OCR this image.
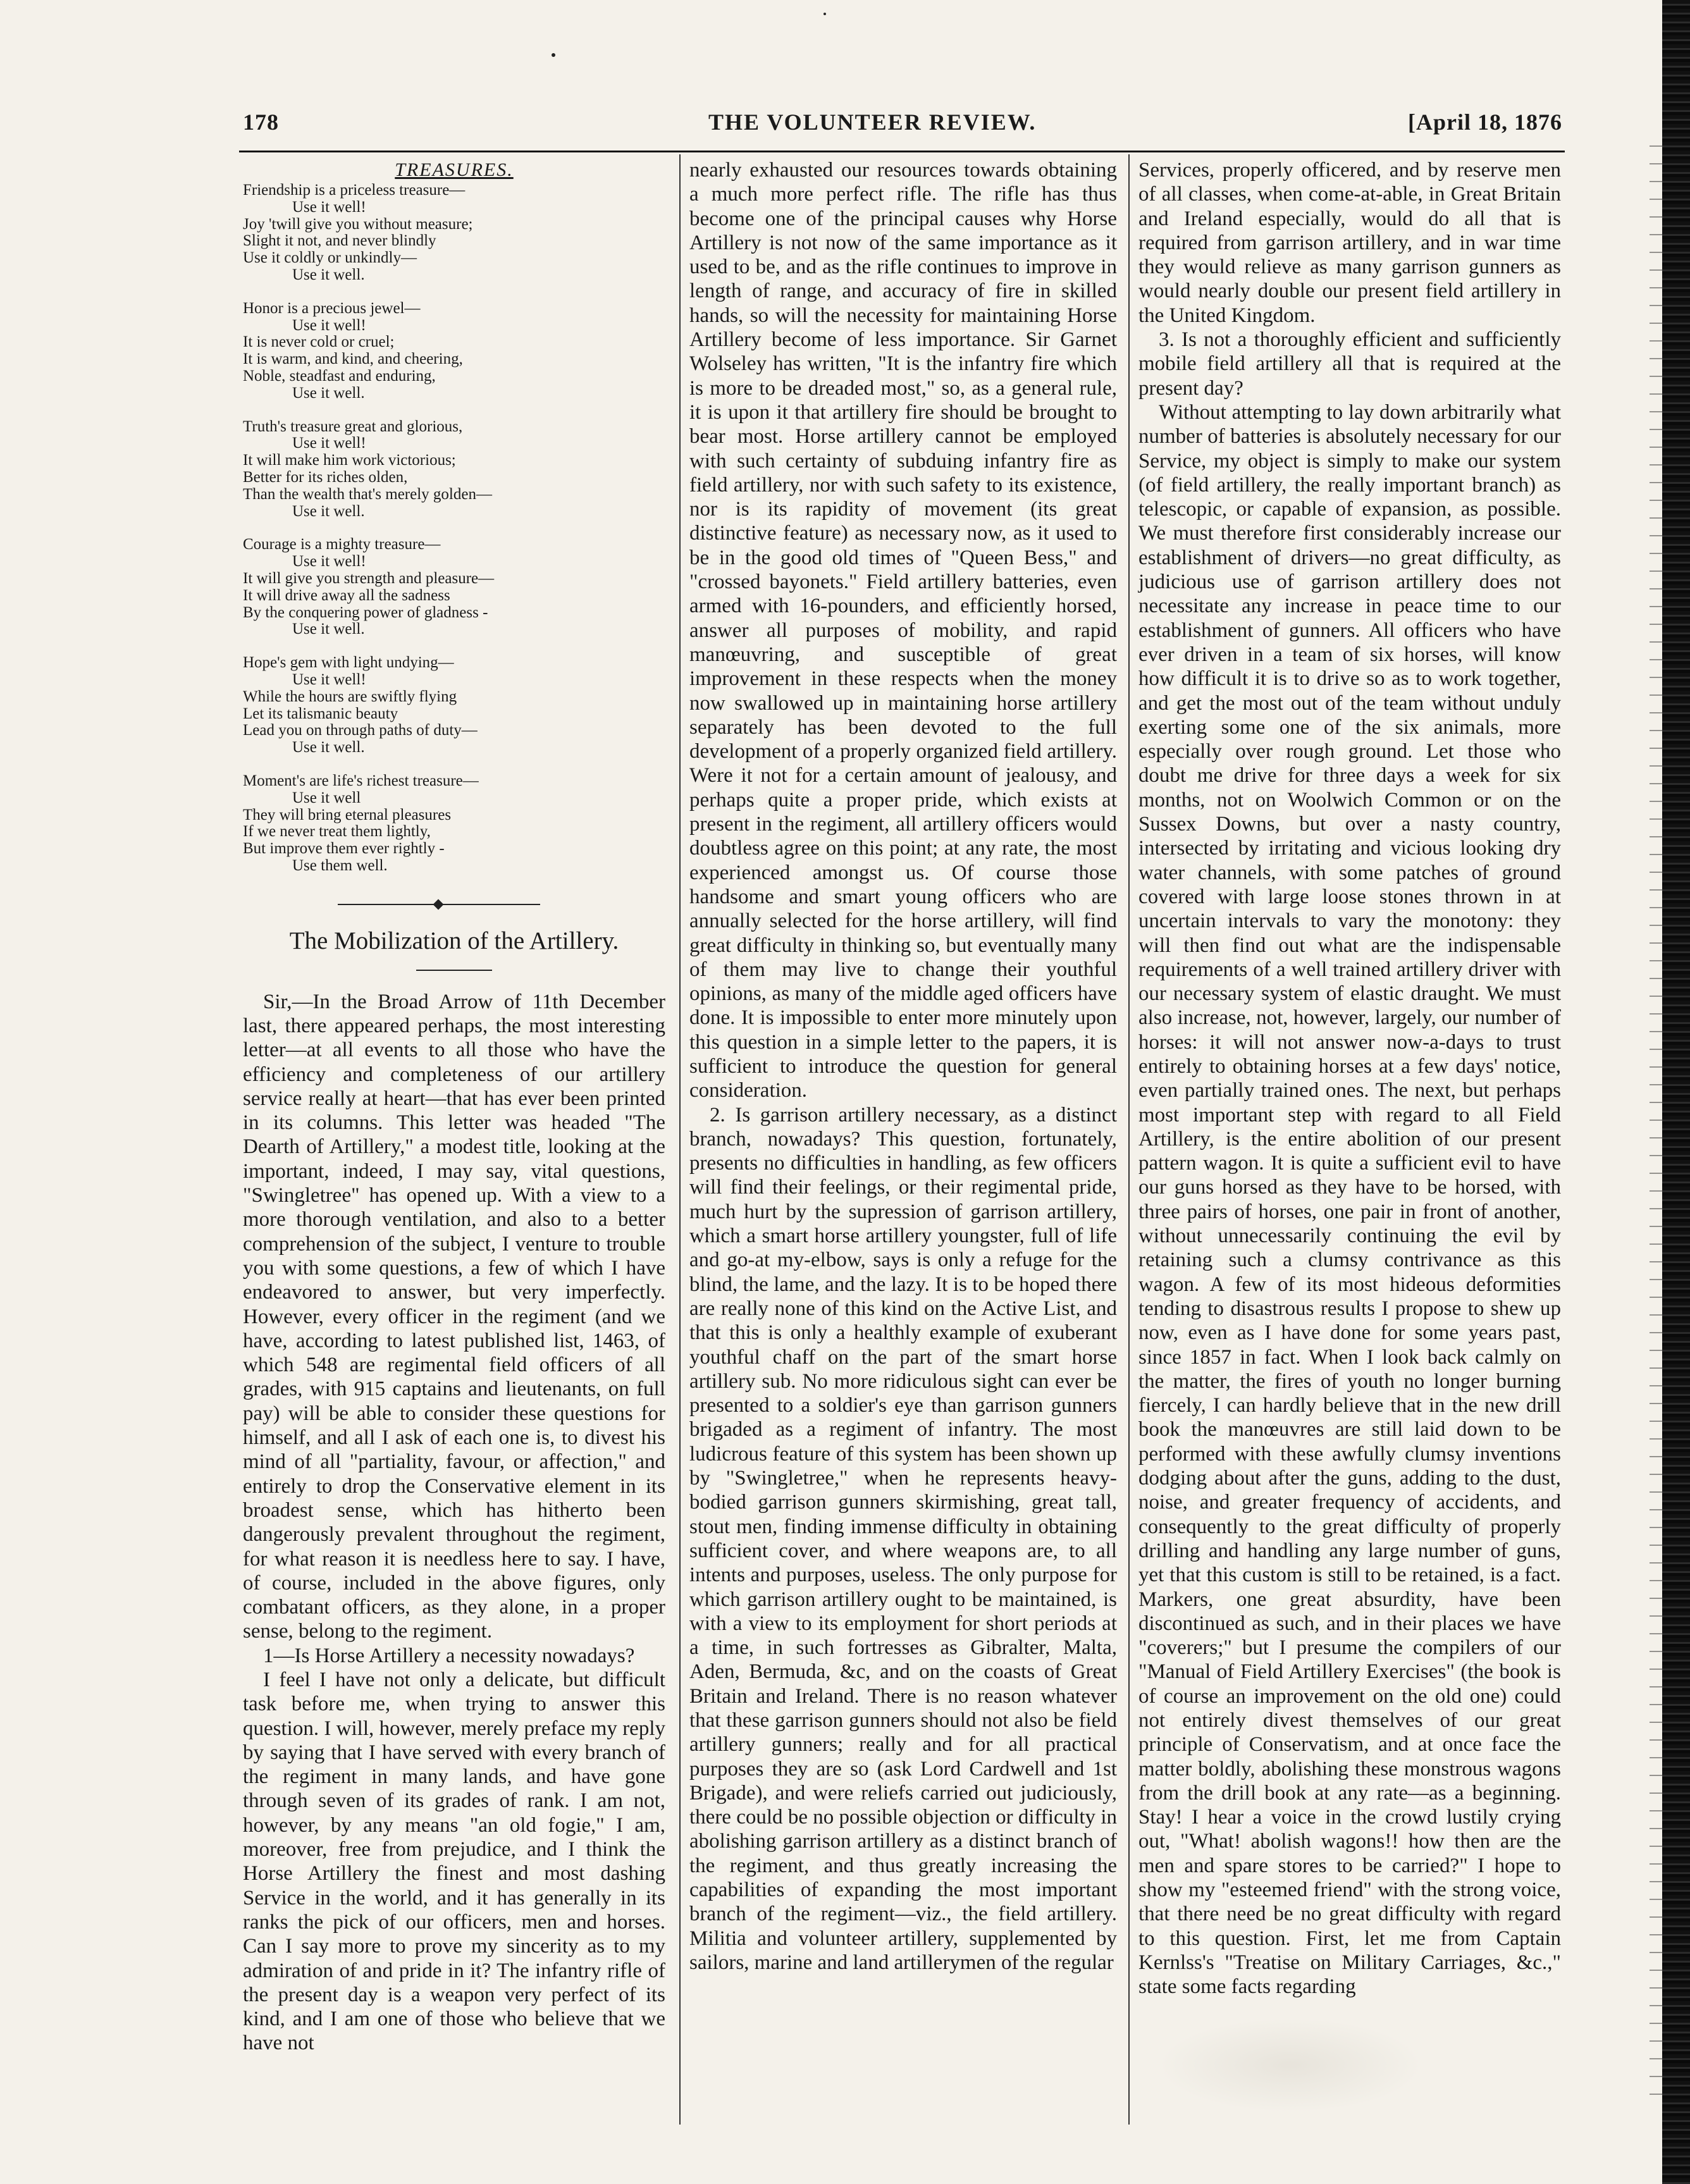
178	THE VOLUNTEER REVIEW.	[April 18, 1876
TREASURES.
Friendship is a priceless treasure—
Use it well!
Joy 'twill give you without measure;
Slight it not, and never blindly
Use it coldly or unkindly—
Use it well.
Honor is a precious jewel—
Use it well!
It is never cold or cruel;
It is warm, and kind, and cheering,
Noble, steadfast and enduring,
Use it well.
Truth's treasure great and glorious,
Use it well!
It will make him work victorious;
Better for its riches olden,
Than the wealth that's merely golden—
Use it well.
Courage is a mighty treasure—
Use it well!
It will give you strength and pleasure—
It will drive away all the sadness
By the conquering power of gladness -
Use it well.
Hope's gem with light undying—
Use it well!
While the hours are swiftly flying
Let its talismanic beauty
Lead you on through paths of duty—
Use it well.
Moment's are life's richest treasure—
Use it well
They will bring eternal pleasures
If we never treat them lightly,
But improve them ever rightly -
Use them well.
The Mobilization of the Artillery.

Sir,—In the Broad Arrow of 11th December last, there appeared perhaps, the most interesting letter—at all events to all those who have the efficiency and completeness of our artillery service really at heart—that has ever been printed in its columns. This letter was headed "The Dearth of Artillery," a modest title, looking at the important, indeed, I may say, vital questions, "Swingletree" has opened up. With a view to a more thorough ventilation, and also to a better comprehension of the subject, I venture to trouble you with some questions, a few of which I have endeavored to answer, but very imperfectly. However, every officer in the regiment (and we have, according to latest published list, 1463, of which 548 are regimental field officers of all grades, with 915 captains and lieutenants, on full pay) will be able to consider these questions for himself, and all I ask of each one is, to divest his mind of all "partiality, favour, or affection," and entirely to drop the Conservative element in its broadest sense, which has hitherto been dangerously prevalent throughout the regiment, for what reason it is needless here to say. I have, of course, included in the above figures, only combatant officers, as they alone, in a proper sense, belong to the regiment.

1—Is Horse Artillery a necessity nowadays?

I feel I have not only a delicate, but difficult task before me, when trying to answer this question. I will, however, merely preface my reply by saying that I have served with every branch of the regiment in many lands, and have gone through seven of its grades of rank. I am not, however, by any means "an old fogie," I am, moreover, free from prejudice, and I think the Horse Artillery the finest and most dashing Service in the world, and it has generally in its ranks the pick of our officers, men and horses. Can I say more to prove my sincerity as to my admiration of and pride in it? The infantry rifle of the present day is a weapon very perfect of its kind, and I am one of those who believe that we have not

nearly exhausted our resources towards obtaining a much more perfect rifle. The rifle has thus become one of the principal causes why Horse Artillery is not now of the same importance as it used to be, and as the rifle continues to improve in length of range, and accuracy of fire in skilled hands, so will the necessity for maintaining Horse Artillery become of less importance. Sir Garnet Wolseley has written, "It is the infantry fire which is more to be dreaded most," so, as a general rule, it is upon it that artillery fire should be brought to bear most. Horse artillery cannot be employed with such certainty of subduing infantry fire as field artillery, nor with such safety to its existence, nor is its rapidity of movement (its great distinctive feature) as necessary now, as it used to be in the good old times of "Queen Bess," and "crossed bayonets." Field artillery batteries, even armed with 16-pounders, and efficiently horsed, answer all purposes of mobility, and rapid manœuvring, and susceptible of great improvement in these respects when the money now swallowed up in maintaining horse artillery separately has been devoted to the full development of a properly organized field artillery. Were it not for a certain amount of jealousy, and perhaps quite a proper pride, which exists at present in the regiment, all artillery officers would doubtless agree on this point; at any rate, the most experienced amongst us. Of course those handsome and smart young officers who are annually selected for the horse artillery, will find great difficulty in thinking so, but eventually many of them may live to change their youthful opinions, as many of the middle aged officers have done. It is impossible to enter more minutely upon this question in a simple letter to the papers, it is sufficient to introduce the question for general consideration.

2. Is garrison artillery necessary, as a distinct branch, nowadays? This question, fortunately, presents no difficulties in handling, as few officers will find their feelings, or their regimental pride, much hurt by the supression of garrison artillery, which a smart horse artillery youngster, full of life and go-at my-elbow, says is only a refuge for the blind, the lame, and the lazy. It is to be hoped there are really none of this kind on the Active List, and that this is only a healthly example of exuberant youthful chaff on the part of the smart horse artillery sub. No more ridiculous sight can ever be presented to a soldier's eye than garrison gunners brigaded as a regiment of infantry. The most ludicrous feature of this system has been shown up by "Swingletree," when he represents heavy-bodied garrison gunners skirmishing, great tall, stout men, finding immense difficulty in obtaining sufficient cover, and where weapons are, to all intents and purposes, useless. The only purpose for which garrison artillery ought to be maintained, is with a view to its employment for short periods at a time, in such fortresses as Gibralter, Malta, Aden, Bermuda, &c, and on the coasts of Great Britain and Ireland. There is no reason whatever that these garrison gunners should not also be field artillery gunners; really and for all practical purposes they are so (ask Lord Cardwell and 1st Brigade), and were reliefs carried out judiciously, there could be no possible objection or difficulty in abolishing garrison artillery as a distinct branch of the regiment, and thus greatly increasing the capabilities of expanding the most important branch of the regiment—viz., the field artillery. Militia and volunteer artillery, supplemented by sailors, marine and land artillerymen of the regular

Services, properly officered, and by reserve men of all classes, when come-at-able, in Great Britain and Ireland especially, would do all that is required from garrison artillery, and in war time they would relieve as many garrison gunners as would nearly double our present field artillery in the United Kingdom.

3. Is not a thoroughly efficient and sufficiently mobile field artillery all that is required at the present day?

Without attempting to lay down arbitrarily what number of batteries is absolutely necessary for our Service, my object is simply to make our system (of field artillery, the really important branch) as telescopic, or capable of expansion, as possible. We must therefore first considerably increase our establishment of drivers—no great difficulty, as judicious use of garrison artillery does not necessitate any increase in peace time to our establishment of gunners. All officers who have ever driven in a team of six horses, will know how difficult it is to drive so as to work together, and get the most out of the team without unduly exerting some one of the six animals, more especially over rough ground. Let those who doubt me drive for three days a week for six months, not on Woolwich Common or on the Sussex Downs, but over a nasty country, intersected by irritating and vicious looking dry water channels, with some patches of ground covered with large loose stones thrown in at uncertain intervals to vary the monotony: they will then find out what are the indispensable requirements of a well trained artillery driver with our necessary system of elastic draught. We must also increase, not, however, largely, our number of horses: it will not answer now-a-days to trust entirely to obtaining horses at a few days' notice, even partially trained ones. The next, but perhaps most important step with regard to all Field Artillery, is the entire abolition of our present pattern wagon. It is quite a sufficient evil to have our guns horsed as they have to be horsed, with three pairs of horses, one pair in front of another, without unnecessarily continuing the evil by retaining such a clumsy contrivance as this wagon. A few of its most hideous deformities tending to disastrous results I propose to shew up now, even as I have done for some years past, since 1857 in fact. When I look back calmly on the matter, the fires of youth no longer burning fiercely, I can hardly believe that in the new drill book the manœuvres are still laid down to be performed with these awfully clumsy inventions dodging about after the guns, adding to the dust, noise, and greater frequency of accidents, and consequently to the great difficulty of properly drilling and handling any large number of guns, yet that this custom is still to be retained, is a fact. Markers, one great absurdity, have been discontinued as such, and in their places we have "coverers;" but I presume the compilers of our "Manual of Field Artillery Exercises" (the book is of course an improvement on the old one) could not entirely divest themselves of our great principle of Conservatism, and at once face the matter boldly, abolishing these monstrous wagons from the drill book at any rate—as a beginning. Stay! I hear a voice in the crowd lustily crying out, "What! abolish wagons!! how then are the men and spare stores to be carried?" I hope to show my "esteemed friend" with the strong voice, that there need be no great difficulty with regard to this question. First, let me from Captain Kernlss's "Treatise on Military Carriages, &c.," state some facts regarding
